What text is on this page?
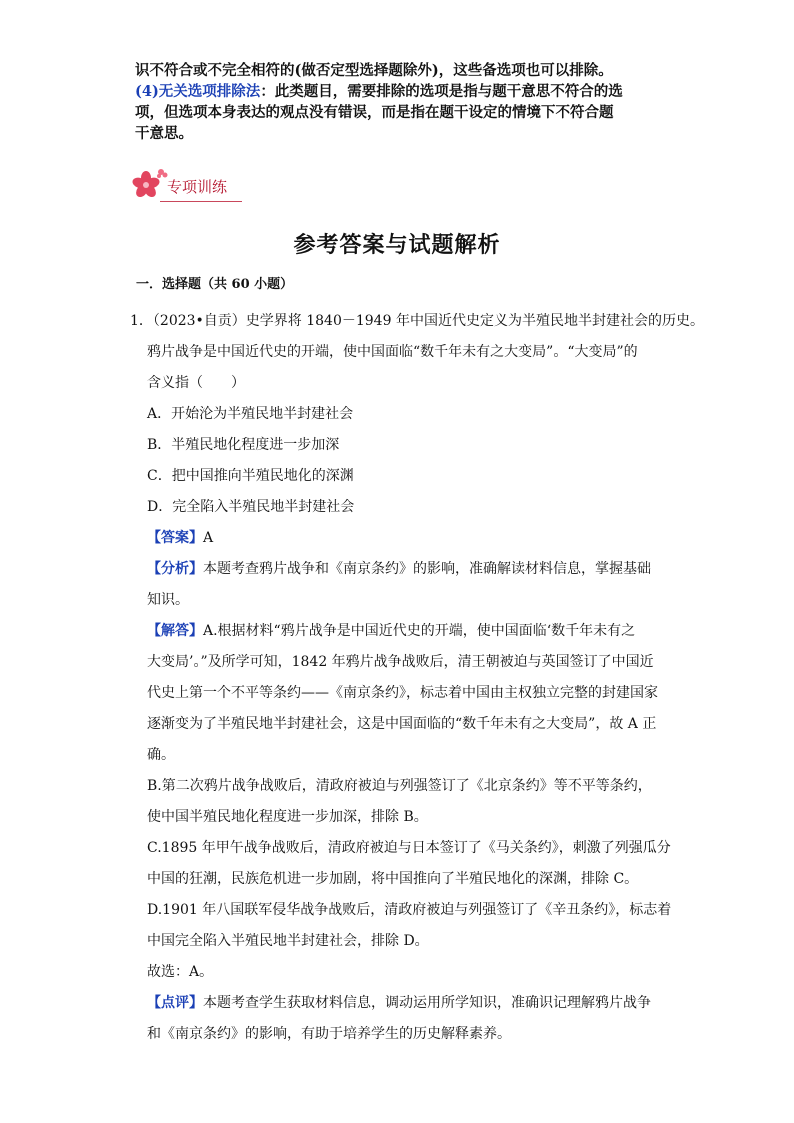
识不符合或不完全相符的(做否定型选择题除外)，这些备选项也可以排除。
(4)无关选项排除法：此类题目，需要排除的选项是指与题干意思不符合的选
项，但选项本身表达的观点没有错误，而是指在题干设定的情境下不符合题
干意思。
专项训练
参考答案与试题解析
一．选择题（共 60 小题）
1．（2023•自贡）史学界将 1840－1949 年中国近代史定义为半殖民地半封建社会的历史。
鸦片战争是中国近代史的开端，使中国面临“数千年未有之大变局”。“大变局”的
含义指（　　）
A．开始沦为半殖民地半封建社会
B．半殖民地化程度进一步加深
C．把中国推向半殖民地化的深渊
D．完全陷入半殖民地半封建社会
【答案】A
【分析】本题考查鸦片战争和《南京条约》的影响，准确解读材料信息，掌握基础
知识。
【解答】A.根据材料“鸦片战争是中国近代史的开端，使中国面临‘数千年未有之
大变局’。”及所学可知，1842 年鸦片战争战败后，清王朝被迫与英国签订了中国近
代史上第一个不平等条约——《南京条约》，标志着中国由主权独立完整的封建国家
逐渐变为了半殖民地半封建社会，这是中国面临的“数千年未有之大变局”，故 A 正
确。
B.第二次鸦片战争战败后，清政府被迫与列强签订了《北京条约》等不平等条约，
使中国半殖民地化程度进一步加深，排除 B。
C.1895 年甲午战争战败后，清政府被迫与日本签订了《马关条约》，刺激了列强瓜分
中国的狂潮，民族危机进一步加剧，将中国推向了半殖民地化的深渊，排除 C。
D.1901 年八国联军侵华战争战败后，清政府被迫与列强签订了《辛丑条约》，标志着
中国完全陷入半殖民地半封建社会，排除 D。
故选：A。
【点评】本题考查学生获取材料信息，调动运用所学知识，准确识记理解鸦片战争
和《南京条约》的影响，有助于培养学生的历史解释素养。
